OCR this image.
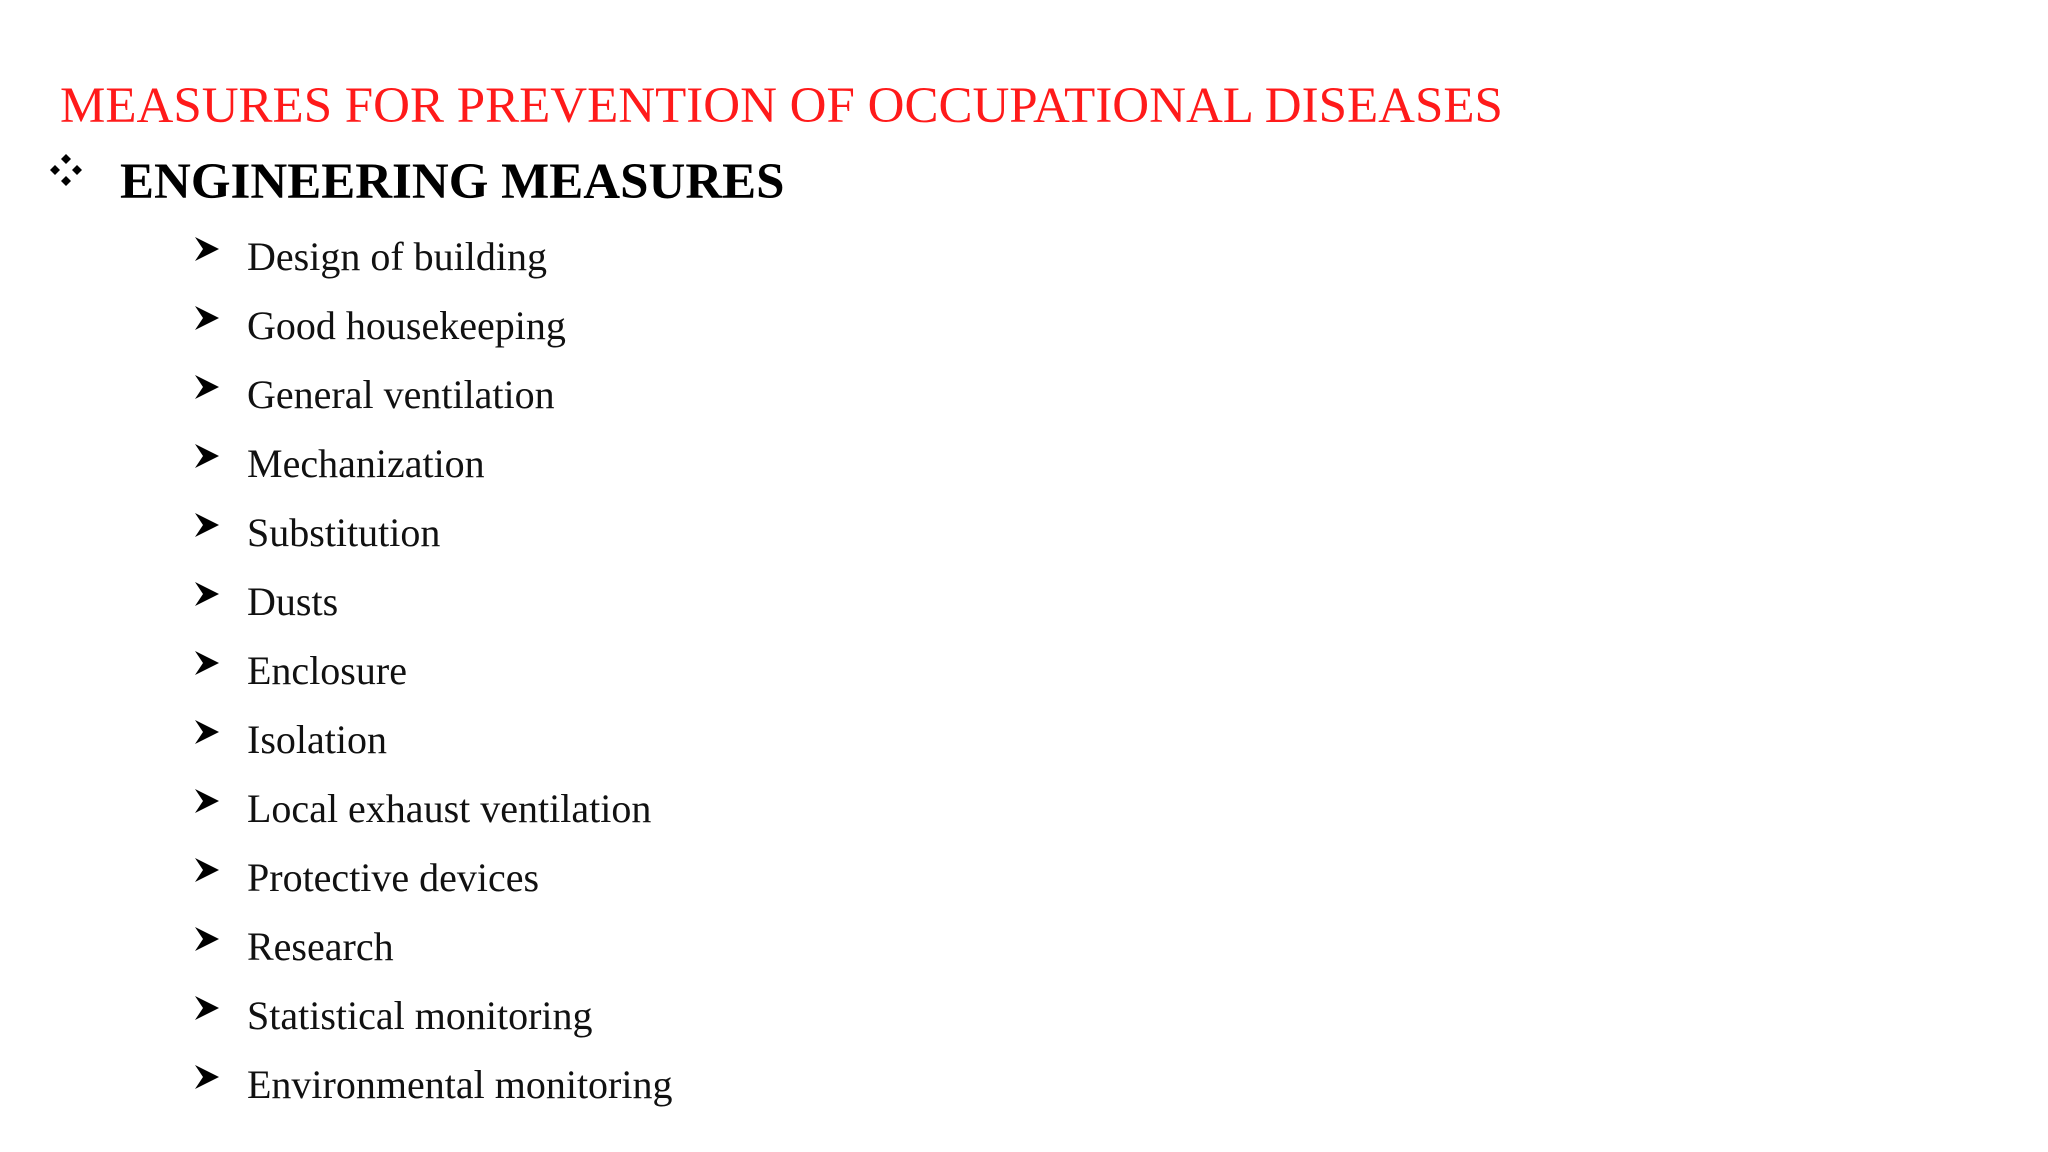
MEASURES FOR PREVENTION OF OCCUPATIONAL DISEASES
ENGINEERING MEASURES
Design of building
Good housekeeping
General ventilation
Mechanization
Substitution
Dusts
Enclosure
Isolation
Local exhaust ventilation
Protective devices
Research
Statistical monitoring
Environmental monitoring
